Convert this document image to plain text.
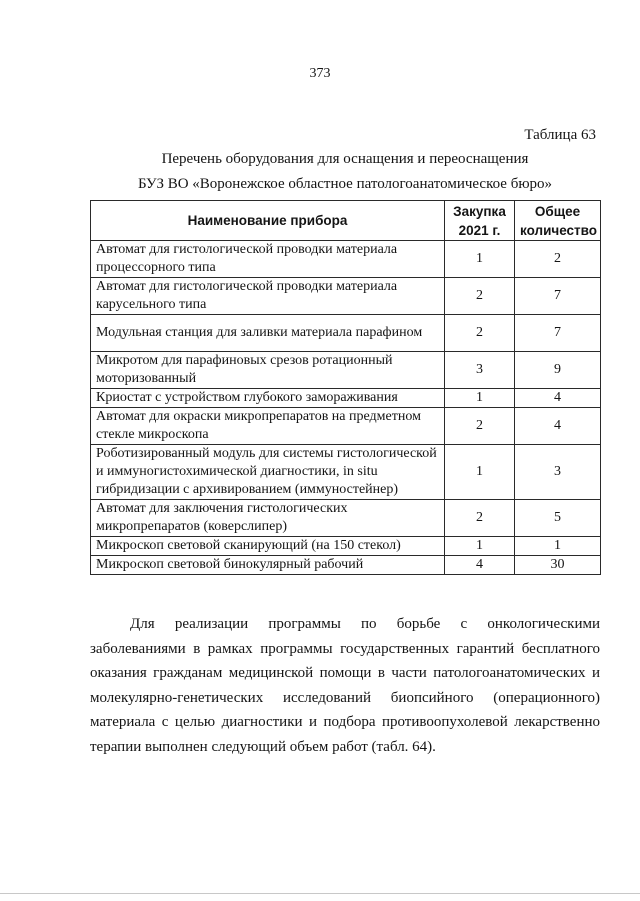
373
Таблица 63
Перечень оборудования для оснащения и переоснащения
БУЗ ВО «Воронежское областное патологоанатомическое бюро»
Наименование прибора	Закупка 2021 г.	Общее количество
Автомат для гистологической проводки материала процессорного типа	1	2
Автомат для гистологической проводки материала карусельного типа	2	7
Модульная станция для заливки материала парафином	2	7
Микротом для парафиновых срезов ротационный моторизованный	3	9
Криостат с устройством глубокого замораживания	1	4
Автомат для окраски микропрепаратов на предметном стекле микроскопа	2	4
Роботизированный модуль для системы гистологической и иммуногистохимической диагностики, in situ гибридизации с архивированием (иммуностейнер)	1	3
Автомат для заключения гистологических микропрепаратов (коверслипер)	2	5
Микроскоп световой сканирующий (на 150 стекол)	1	1
Микроскоп световой бинокулярный рабочий	4	30

Для реализации программы по борьбе с онкологическими заболеваниями в рамках программы государственных гарантий бесплатного оказания гражданам медицинской помощи в части патологоанатомических и молекулярно-генетических исследований биопсийного (операционного) материала с целью диагностики и подбора противоопухолевой лекарственно терапии выполнен следующий объем работ (табл. 64).
